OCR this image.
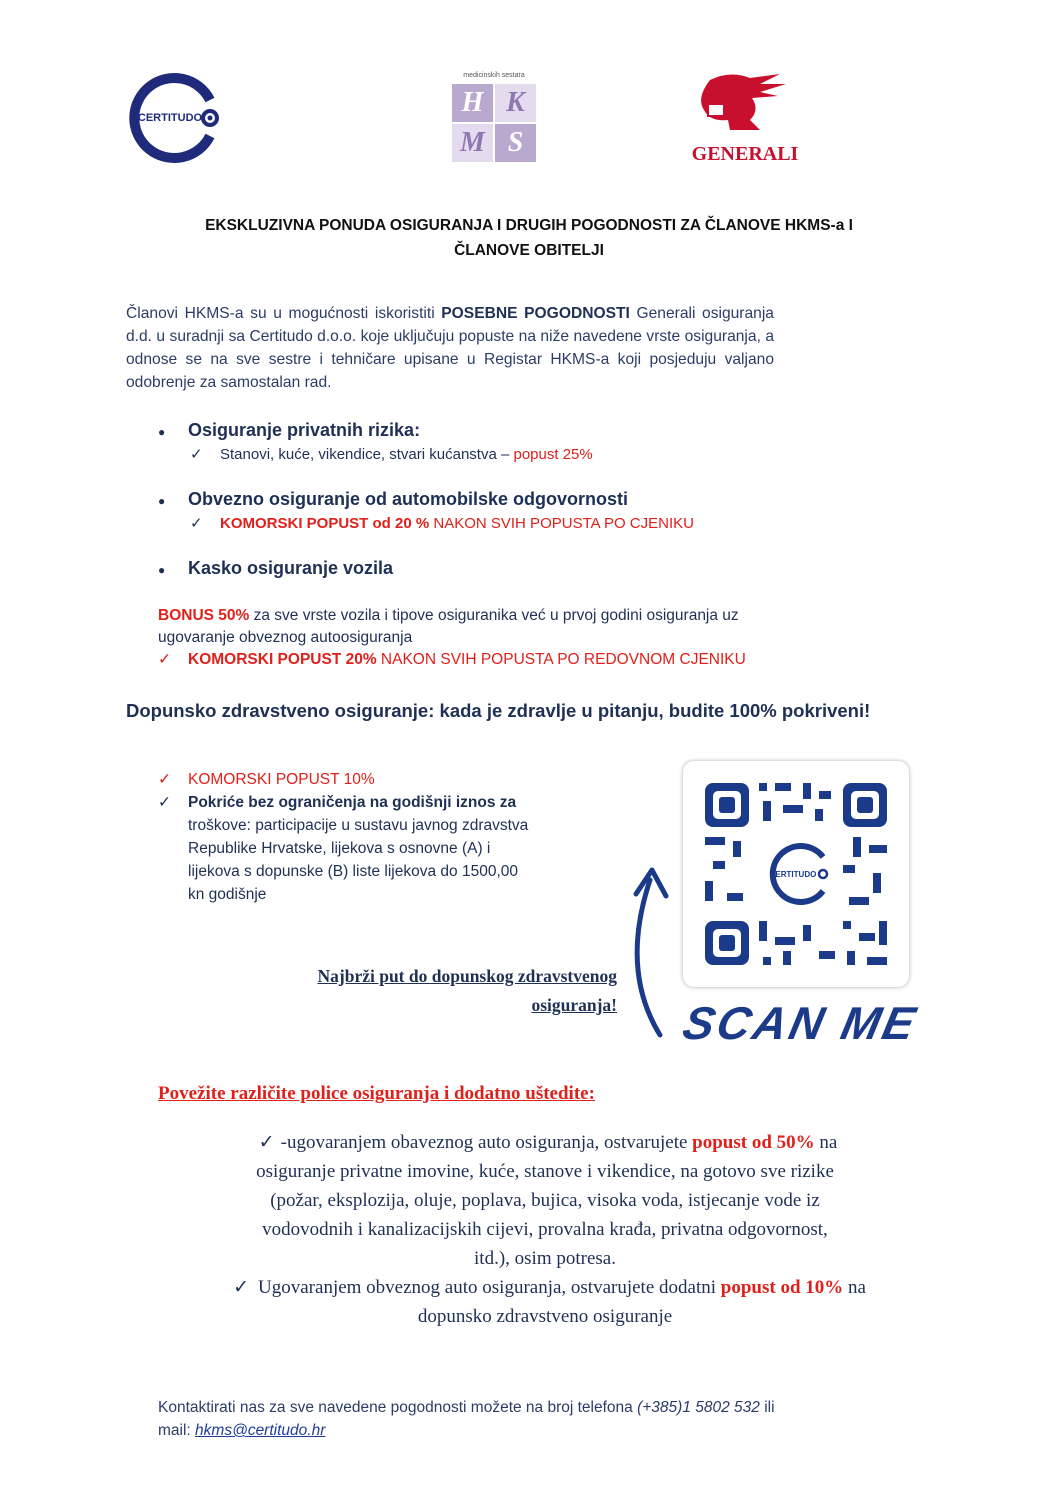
CERTITUDO
medicinskih sestara
H K
M S	GENERALI
EKSKLUZIVNA PONUDA OSIGURANJA I DRUGIH POGODNOSTI ZA ČLANOVE HKMS-a I
ČLANOVE OBITELJI
Članovi HKMS-a su u mogućnosti iskoristiti POSEBNE POGODNOSTI Generali osiguranja d.d. u suradnji sa Certitudo d.o.o. koje uključuju popuste na niže navedene vrste osiguranja, a odnose se na sve sestre i tehničare upisane u Registar HKMS-a koji posjeduju valjano odobrenje za samostalan rad.
● Osiguranje privatnih rizika:
✓ Stanovi, kuće, vikendice, stvari kućanstva – popust 25%
● Obvezno osiguranje od automobilske odgovornosti
✓ KOMORSKI POPUST od 20 % NAKON SVIH POPUSTA PO CJENIKU
● Kasko osiguranje vozila
BONUS 50% za sve vrste vozila i tipove osiguranika već u prvoj godini osiguranja uz
ugovaranje obveznog autoosiguranja
✓ KOMORSKI POPUST 20% NAKON SVIH POPUSTA PO REDOVNOM CJENIKU
Dopunsko zdravstveno osiguranje: kada je zdravlje u pitanju, budite 100% pokriveni!
✓ KOMORSKI POPUST 10%
✓	Pokriće bez ograničenja na godišnji iznos za
troškove: participacije u sustavu javnog zdravstva
Republike Hrvatske, lijekova s osnovne (A) i
lijekova s dopunske (B) liste lijekova do 1500,00
kn godišnje
Najbrži put do dopunskog zdravstvenog
osiguranja!
CERTITUDO
SCAN ME
Povežite različite police osiguranja i dodatno uštedite:
✓ -ugovaranjem obaveznog auto osiguranja, ostvarujete popust od 50% na
osiguranje privatne imovine, kuće, stanove i vikendice, na gotovo sve rizike
(požar, eksplozija, oluje, poplava, bujica, visoka voda, istjecanje vode iz
vodovodnih i kanalizacijskih cijevi, provalna krađa, privatna odgovornost,
itd.), osim potresa.
✓ Ugovaranjem obveznog auto osiguranja, ostvarujete dodatni popust od 10% na
dopunsko zdravstveno osiguranje
Kontaktirati nas za sve navedene pogodnosti možete na broj telefona (+385)1 5802 532 ili
mail: hkms@certitudo.hr
